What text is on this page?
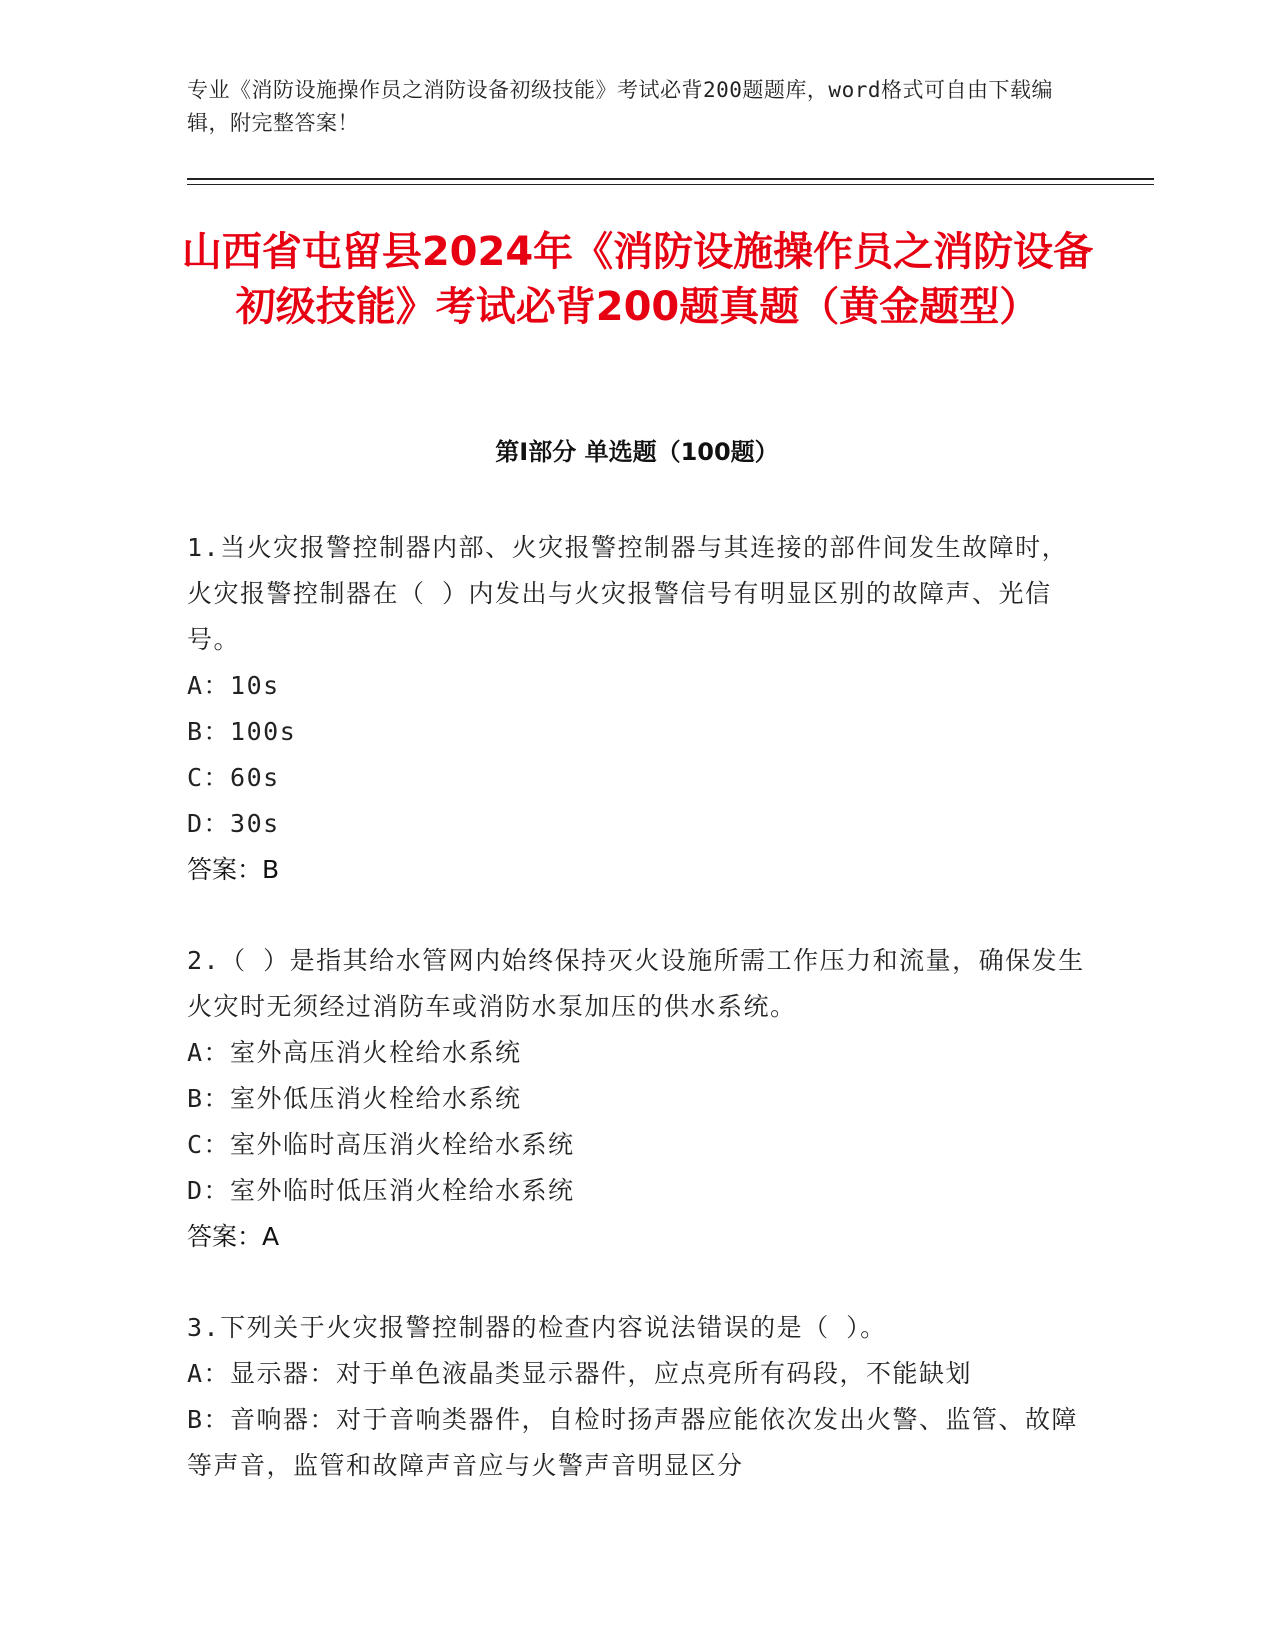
专业《消防设施操作员之消防设备初级技能》考试必背200题题库，word格式可自由下载编辑，附完整答案！
山西省屯留县2024年《消防设施操作员之消防设备初级技能》考试必背200题真题（黄金题型）
第I部分 单选题（100题）

1.当火灾报警控制器内部、火灾报警控制器与其连接的部件间发生故障时，火灾报警控制器在（ ）内发出与火灾报警信号有明显区别的故障声、光信号。

A：10s

B：100s

C：60s

D：30s

答案：B

2.（ ）是指其给水管网内始终保持灭火设施所需工作压力和流量，确保发生火灾时无须经过消防车或消防水泵加压的供水系统。

A：室外高压消火栓给水系统

B：室外低压消火栓给水系统

C：室外临时高压消火栓给水系统

D：室外临时低压消火栓给水系统

答案：A

3.下列关于火灾报警控制器的检查内容说法错误的是（ ）。

A：显示器：对于单色液晶类显示器件，应点亮所有码段，不能缺划

B：音响器：对于音响类器件，自检时扬声器应能依次发出火警、监管、故障等声音，监管和故障声音应与火警声音明显区分
